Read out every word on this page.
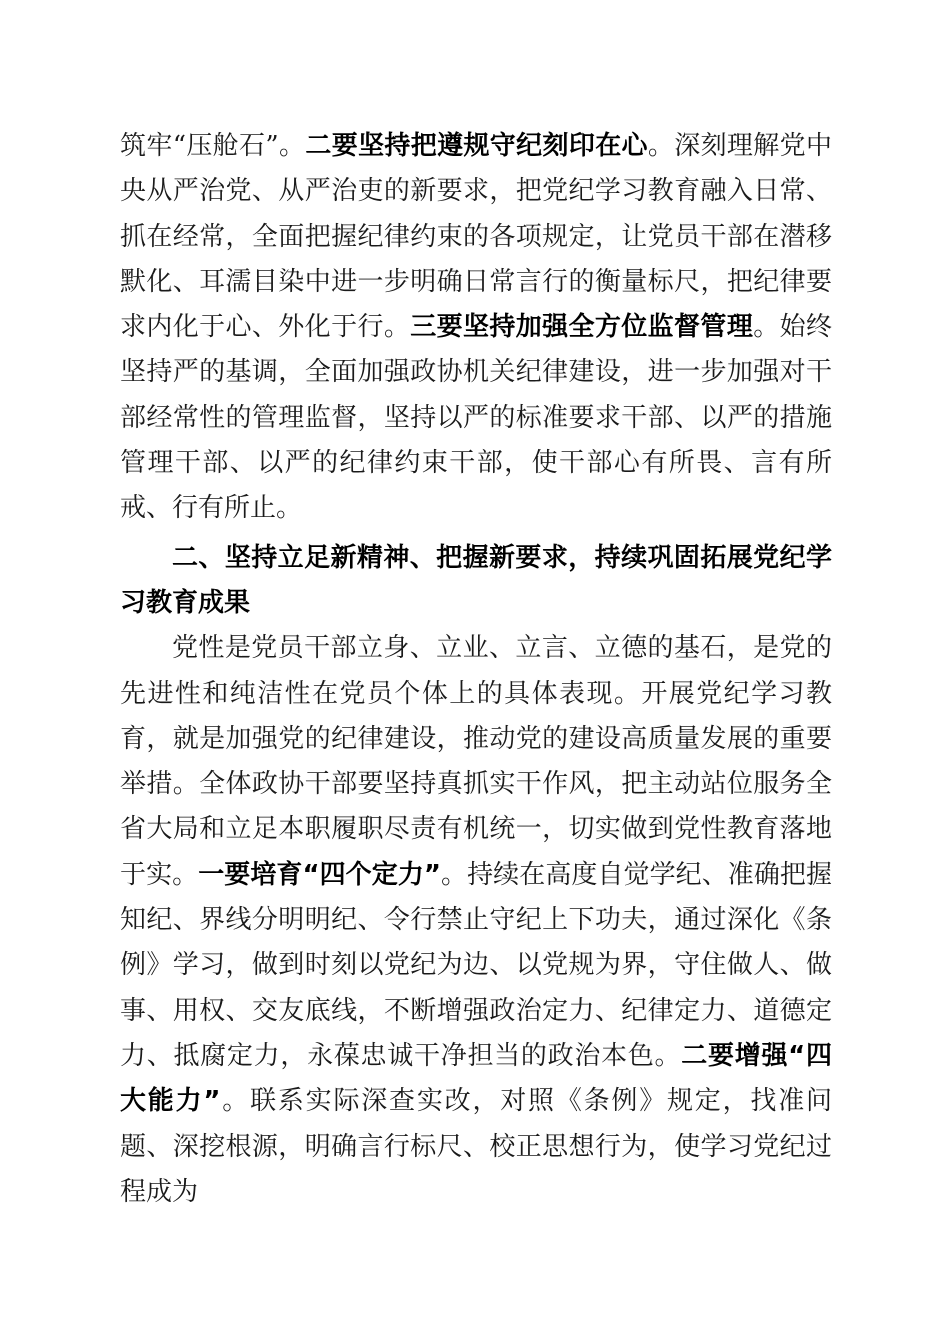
筑牢“压舱石”。二要坚持把遵规守纪刻印在心。深刻理解党中央从严治党、从严治吏的新要求，把党纪学习教育融入日常、抓在经常，全面把握纪律约束的各项规定，让党员干部在潜移默化、耳濡目染中进一步明确日常言行的衡量标尺，把纪律要求内化于心、外化于行。三要坚持加强全方位监督管理。始终坚持严的基调，全面加强政协机关纪律建设，进一步加强对干部经常性的管理监督，坚持以严的标准要求干部、以严的措施管理干部、以严的纪律约束干部，使干部心有所畏、言有所戒、行有所止。

二、坚持立足新精神、把握新要求，持续巩固拓展党纪学习教育成果

党性是党员干部立身、立业、立言、立德的基石，是党的先进性和纯洁性在党员个体上的具体表现。开展党纪学习教育，就是加强党的纪律建设，推动党的建设高质量发展的重要举措。全体政协干部要坚持真抓实干作风，把主动站位服务全省大局和立足本职履职尽责有机统一，切实做到党性教育落地于实。一要培育“四个定力”。持续在高度自觉学纪、准确把握知纪、界线分明明纪、令行禁止守纪上下功夫，通过深化《条例》学习，做到时刻以党纪为边、以党规为界，守住做人、做事、用权、交友底线，不断增强政治定力、纪律定力、道德定力、抵腐定力，永葆忠诚干净担当的政治本色。二要增强“四大能力”。联系实际深查实改，对照《条例》规定，找准问题、深挖根源，明确言行标尺、校正思想行为，使学习党纪过程成为
